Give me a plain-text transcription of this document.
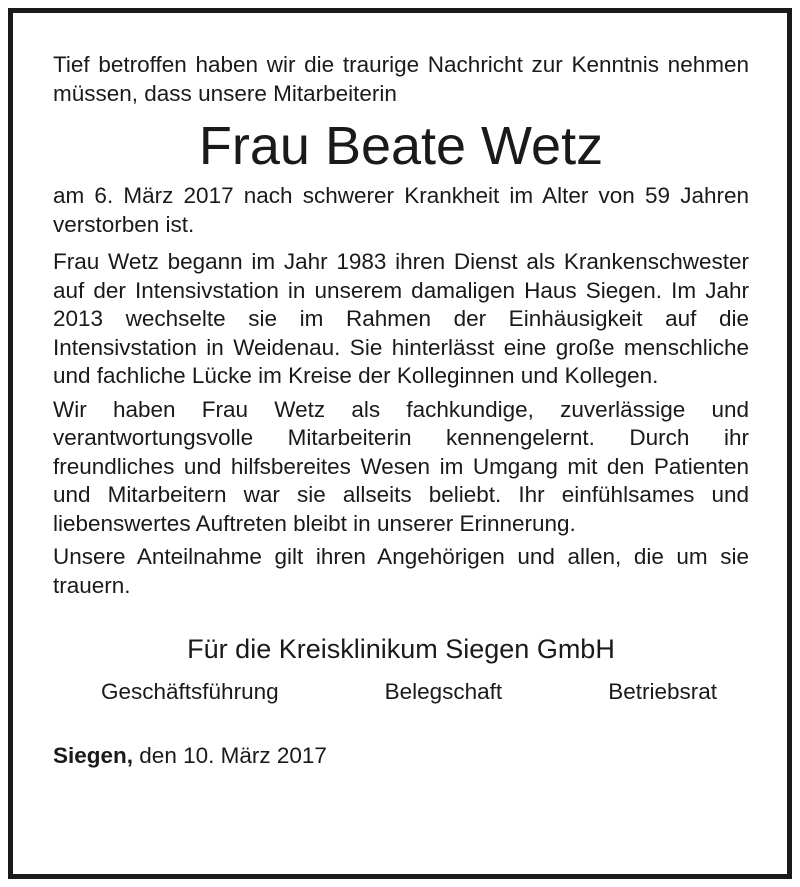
Tief betroffen haben wir die traurige Nachricht zur Kenntnis nehmen müssen, dass unsere Mitarbeiterin

Frau Beate Wetz

am 6. März 2017 nach schwerer Krankheit im Alter von 59 Jahren verstorben ist.

Frau Wetz begann im Jahr 1983 ihren Dienst als Krankenschwester auf der Intensivstation in unserem damaligen Haus Siegen. Im Jahr 2013 wechselte sie im Rahmen der Einhäusigkeit auf die Intensivstation in Weidenau. Sie hinterlässt eine große menschliche und fachliche Lücke im Kreise der Kolleginnen und Kollegen.

Wir haben Frau Wetz als fachkundige, zuverlässige und verantwortungsvolle Mitarbeiterin kennengelernt. Durch ihr freundliches und hilfsbereites Wesen im Umgang mit den Patienten und Mitarbeitern war sie allseits beliebt. Ihr einfühlsames und liebenswertes Auftreten bleibt in unserer Erinnerung.

Unsere Anteilnahme gilt ihren Angehörigen und allen, die um sie trauern.

Für die Kreisklinikum Siegen GmbH
Geschäftsführung	Belegschaft	Betriebsrat
Siegen, den 10. März 2017
